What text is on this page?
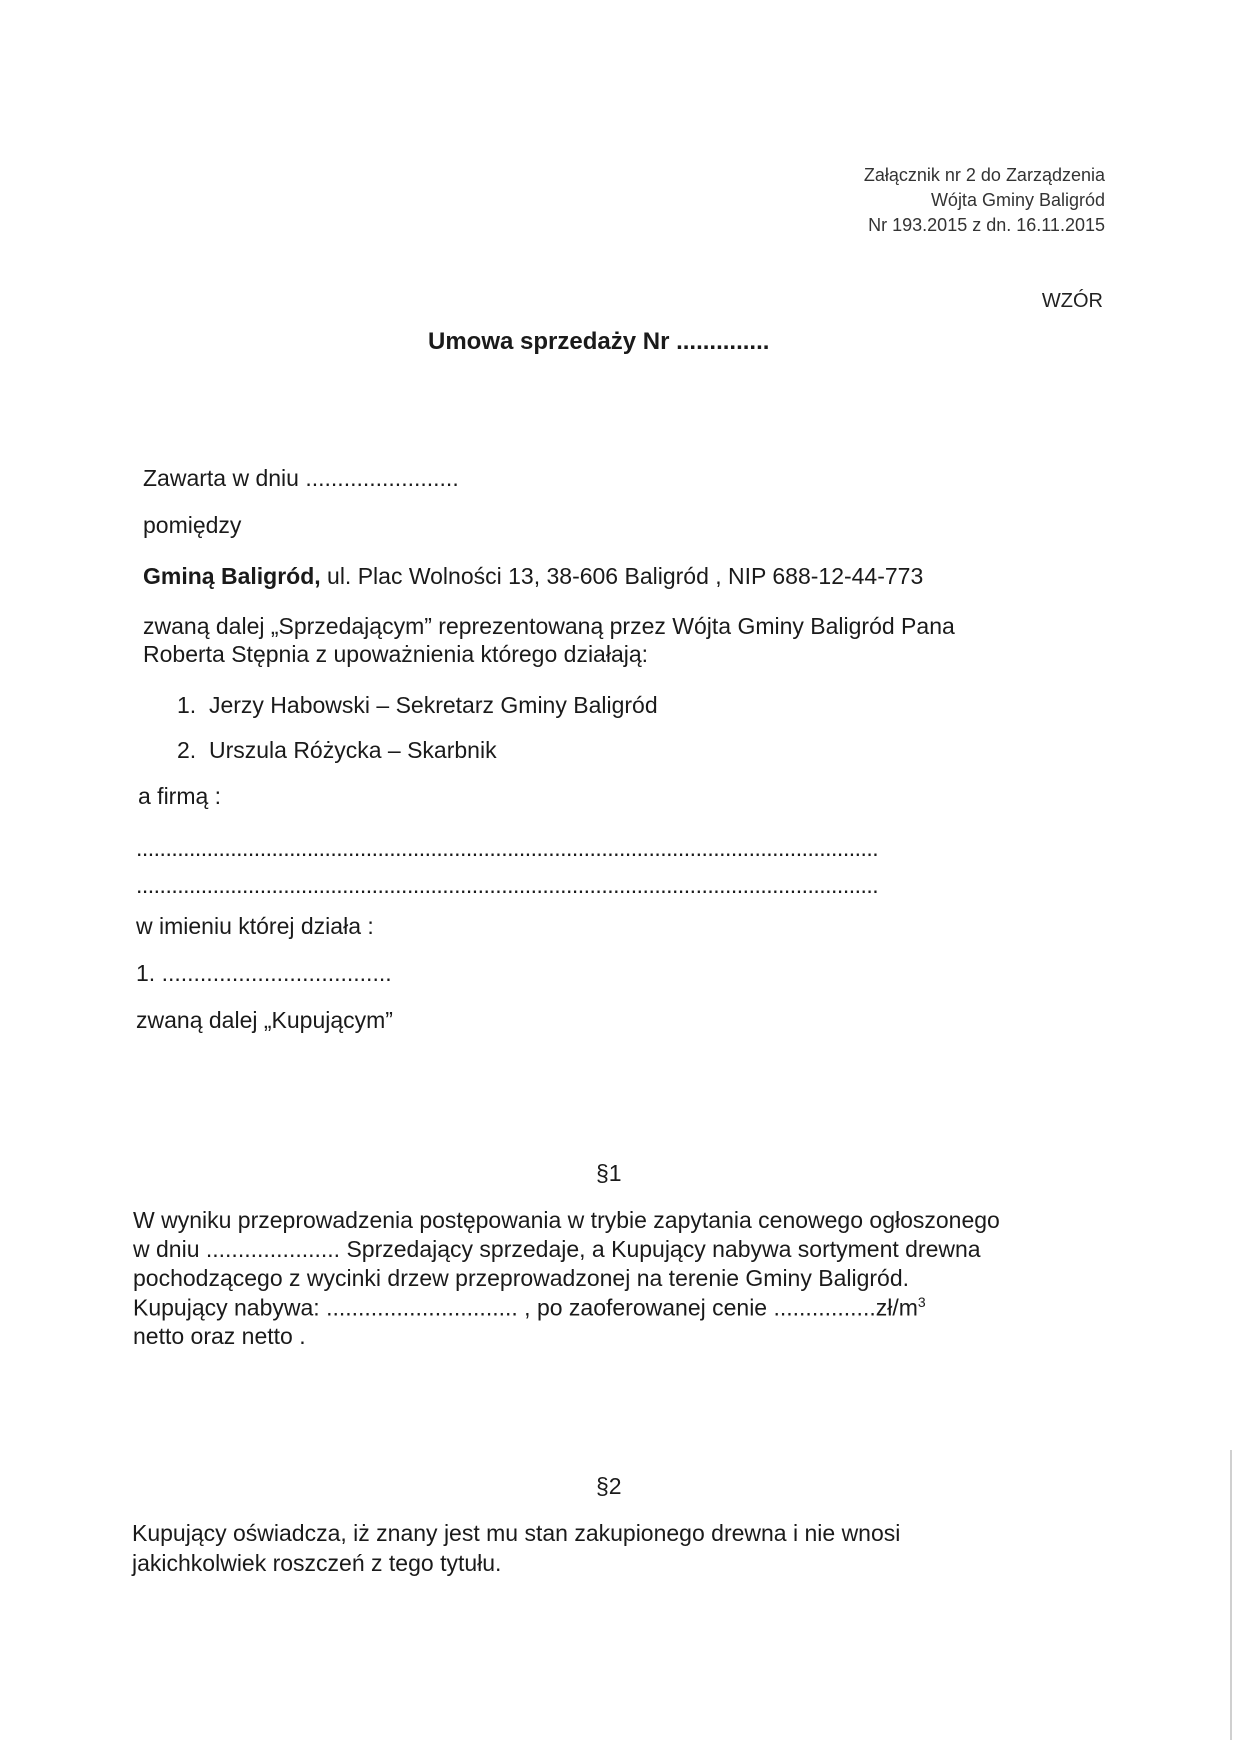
Załącznik nr 2 do Zarządzenia
Wójta Gminy Baligród
Nr 193.2015 z dn. 16.11.2015
WZÓR
Umowa sprzedaży Nr ..............
Zawarta w dniu ........................
pomiędzy
Gminą Baligród, ul. Plac Wolności 13, 38-606 Baligród , NIP 688-12-44-773
zwaną dalej „Sprzedającym” reprezentowaną przez Wójta Gminy Baligród Pana
Roberta Stępnia z upoważnienia którego działają:
1. Jerzy Habowski – Sekretarz Gminy Baligród
2. Urszula Różycka – Skarbnik
a firmą :
..............................................................................................................................
..............................................................................................................................
w imieniu której działa :
1. ....................................
zwaną dalej „Kupującym”
§1
W wyniku przeprowadzenia postępowania w trybie zapytania cenowego ogłoszonego
w dniu ..................... Sprzedający sprzedaje, a Kupujący nabywa sortyment drewna
pochodzącego z wycinki drzew przeprowadzonej na terenie Gminy Baligród.
Kupujący nabywa: .............................. , po zaoferowanej cenie $................zł/m^3$
netto oraz netto .
§2
Kupujący oświadcza, iż znany jest mu stan zakupionego drewna i nie wnosi
jakichkolwiek roszczeń z tego tytułu.
